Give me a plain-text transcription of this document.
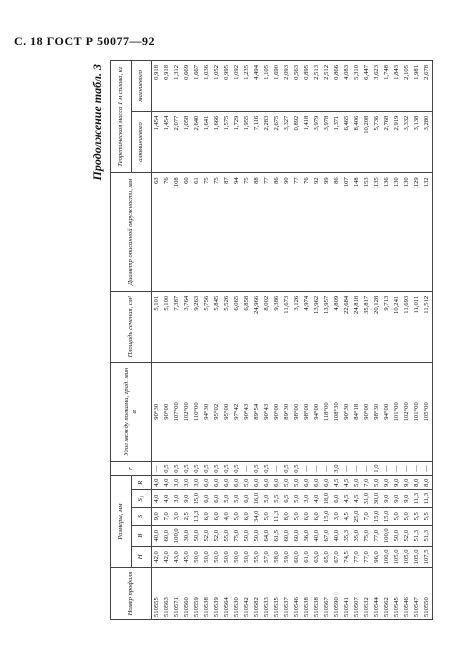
С. 18 ГОСТ Р 50077—92
Продолжение табл. 3
Номер профиля	Размеры, мм					r	Угол между полками, град. мин α	Площадь сечения, см²	Диаметр описанной окружности, мм	Теоретическая масса 1 м сплава, кг	
	H	B	S	S₁	R					алюминиевого	магниевого
510555	42,0	40,0	9,0	4,0	4,0	—	90°30	5,101	63	1,454	0,918
510563	42,0	60,0	7,0	4,0	4,0	0,5	90°00	5,100	76	1,454	0,918
510571	43,0	100,0	3,0	3,0	3,0	0,5	107°00	7,387	108	2,077	1,312
510560	45,0	30,0	2,5	9,0	3,0	0,5	102°00	3,764	60	1,058	0,669
510559	50,0	50,0	13,3	15,0	3,0	0,5	110°00	9,263	61	2,640	1,667
510538	50,0	52,0	6,0	6,0	6,0	0,5	94°30	5,756	75	1,641	1,036
510539	50,0	52,0	6,0	6,0	6,0	0,5	95°02	5,845	75	1,666	1,052
510564	50,0	55,0	4,0	5,0	6,0	0,5	95°00	5,526	87	1,575	0,995
510530	50,0	75,0	5,0	5,0	6,0	0,5	97°42	6,065	94	1,729	1,092
510542	50,0	50,0	6,0	6,0	5,0	—	90°43	6,858	75	1,955	1,235
510582	55,0	50,0	34,0	16,0	6,0	0,5	89°54	24,966	88	7,116	4,494
510533	57,0	64,0	5,0	5,0	6,0	0,5	90°43	8,002	77	2,283	1,105
510535	58,0	61,5	11,3	5,5	6,0	—	90°00	9,386	86	2,675	1,690
510537	59,0	60,0	8,0	6,5	5,0	0,5	89°30	11,673	90	3,327	2,093
510546	60,0	60,0	5,0	5,0	5,0	0,5	98°00	3,126	77	0,892	0,563
510538	61,0	36,0	6,0	3,0	6,0	—	98°00	4,974	76	1,418	0,895
510538	63,0	40,0	6,0	4,0	6,0	—	94°00	13,962	92	3,979	2,513
510567	65,0	67,0	15,0	18,0	6,0	—	118°00	13,957	99	3,978	2,512
510590	67,0	40,0	3,0	6,0	4,5	3,0	108°30	4,809	86	1,371	0,866
510541	74,5	35,3	4,5	4,5	4,5	—	90°30	22,684	107	6,465	4,083
510507	77,0	35,0	25,0	4,5	5,0	—	84°18	24,818	148	8,406	5,310
510532	77,0	75,0	7,0	31,0	7,0	—	90°00	35,817	153	10,208	6,447
510544	96,0	77,0	15,0	30,0	5,0	1,0	98°30	20,128	135	5,736	3,623
510562	100,0	100,0	15,0	9,0	9,0	—	94°00	9,713	136	2,768	1,748
510545	105,0	50,0	5,0	9,0	9,0	—	101°00	10,241	130	2,919	1,843
510546	105,0	52,0	5,0	9,0	9,0	—	102°00	11,693	130	3,332	2,105
510547	105,0	51,3	5,5	11,3	8,0	—	101°00	11,011	129	3,138	1,981
510550	107,5	51,3	5,5	11,3	8,0	—	105°00	11,512	132	3,280	2,678
